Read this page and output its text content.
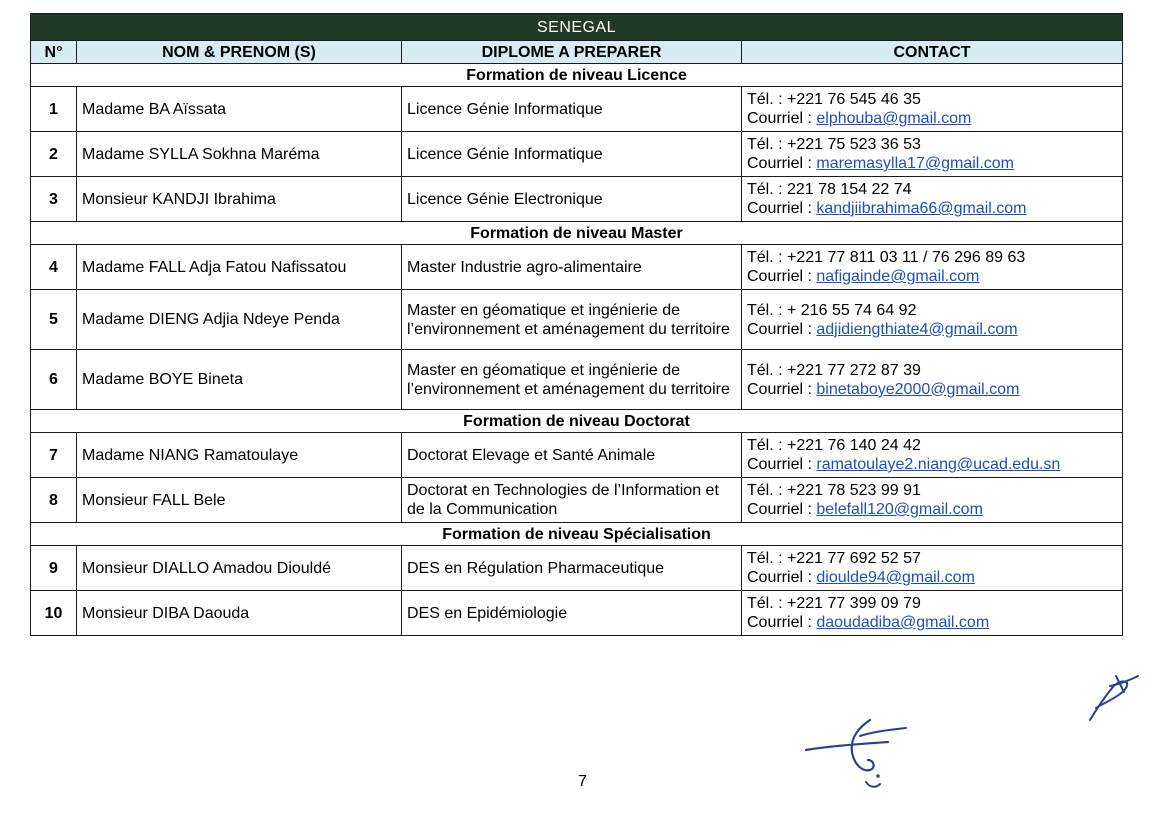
SENEGAL			
N°	NOM & PRENOM (S)	DIPLOME A PREPARER	CONTACT
Formation de niveau Licence			
1	Madame BA Aïssata	Licence Génie Informatique	Tél. : +221 76 545 46 35
Courriel : elphouba@gmail.com

2	Madame SYLLA Sokhna Maréma	Licence Génie Informatique	Tél. : +221 75 523 36 53
Courriel : maremasylla17@gmail.com

3	Monsieur KANDJI Ibrahima	Licence Génie Electronique	Tél. : 221 78 154 22 74
Courriel : kandjiibrahima66@gmail.com

Formation de niveau Master			
4	Madame FALL Adja Fatou Nafissatou	Master Industrie agro-alimentaire	Tél. : +221 77 811 03 11 / 76 296 89 63
Courriel : nafigainde@gmail.com

5	Madame DIENG Adjia Ndeye Penda	Master en géomatique et ingénierie de l’environnement et aménagement du territoire	Tél. : + 216 55 74 64 92
Courriel : adjidiengthiate4@gmail.com

6	Madame BOYE Bineta	Master en géomatique et ingénierie de l’environnement et aménagement du territoire	Tél. : +221 77 272 87 39
Courriel : binetaboye2000@gmail.com

Formation de niveau Doctorat			
7	Madame NIANG Ramatoulaye	Doctorat Elevage et Santé Animale	Tél. : +221 76 140 24 42
Courriel : ramatoulaye2.niang@ucad.edu.sn

8	Monsieur FALL Bele	Doctorat en Technologies de l’Information et de la Communication	Tél. : +221 78 523 99 91
Courriel : belefall120@gmail.com

Formation de niveau Spécialisation			
9	Monsieur DIALLO Amadou Diouldé	DES en Régulation Pharmaceutique	Tél. : +221 77 692 52 57
Courriel : dioulde94@gmail.com

10	Monsieur DIBA Daouda	DES en Epidémiologie	Tél. : +221 77 399 09 79
Courriel : daoudadiba@gmail.com
7
